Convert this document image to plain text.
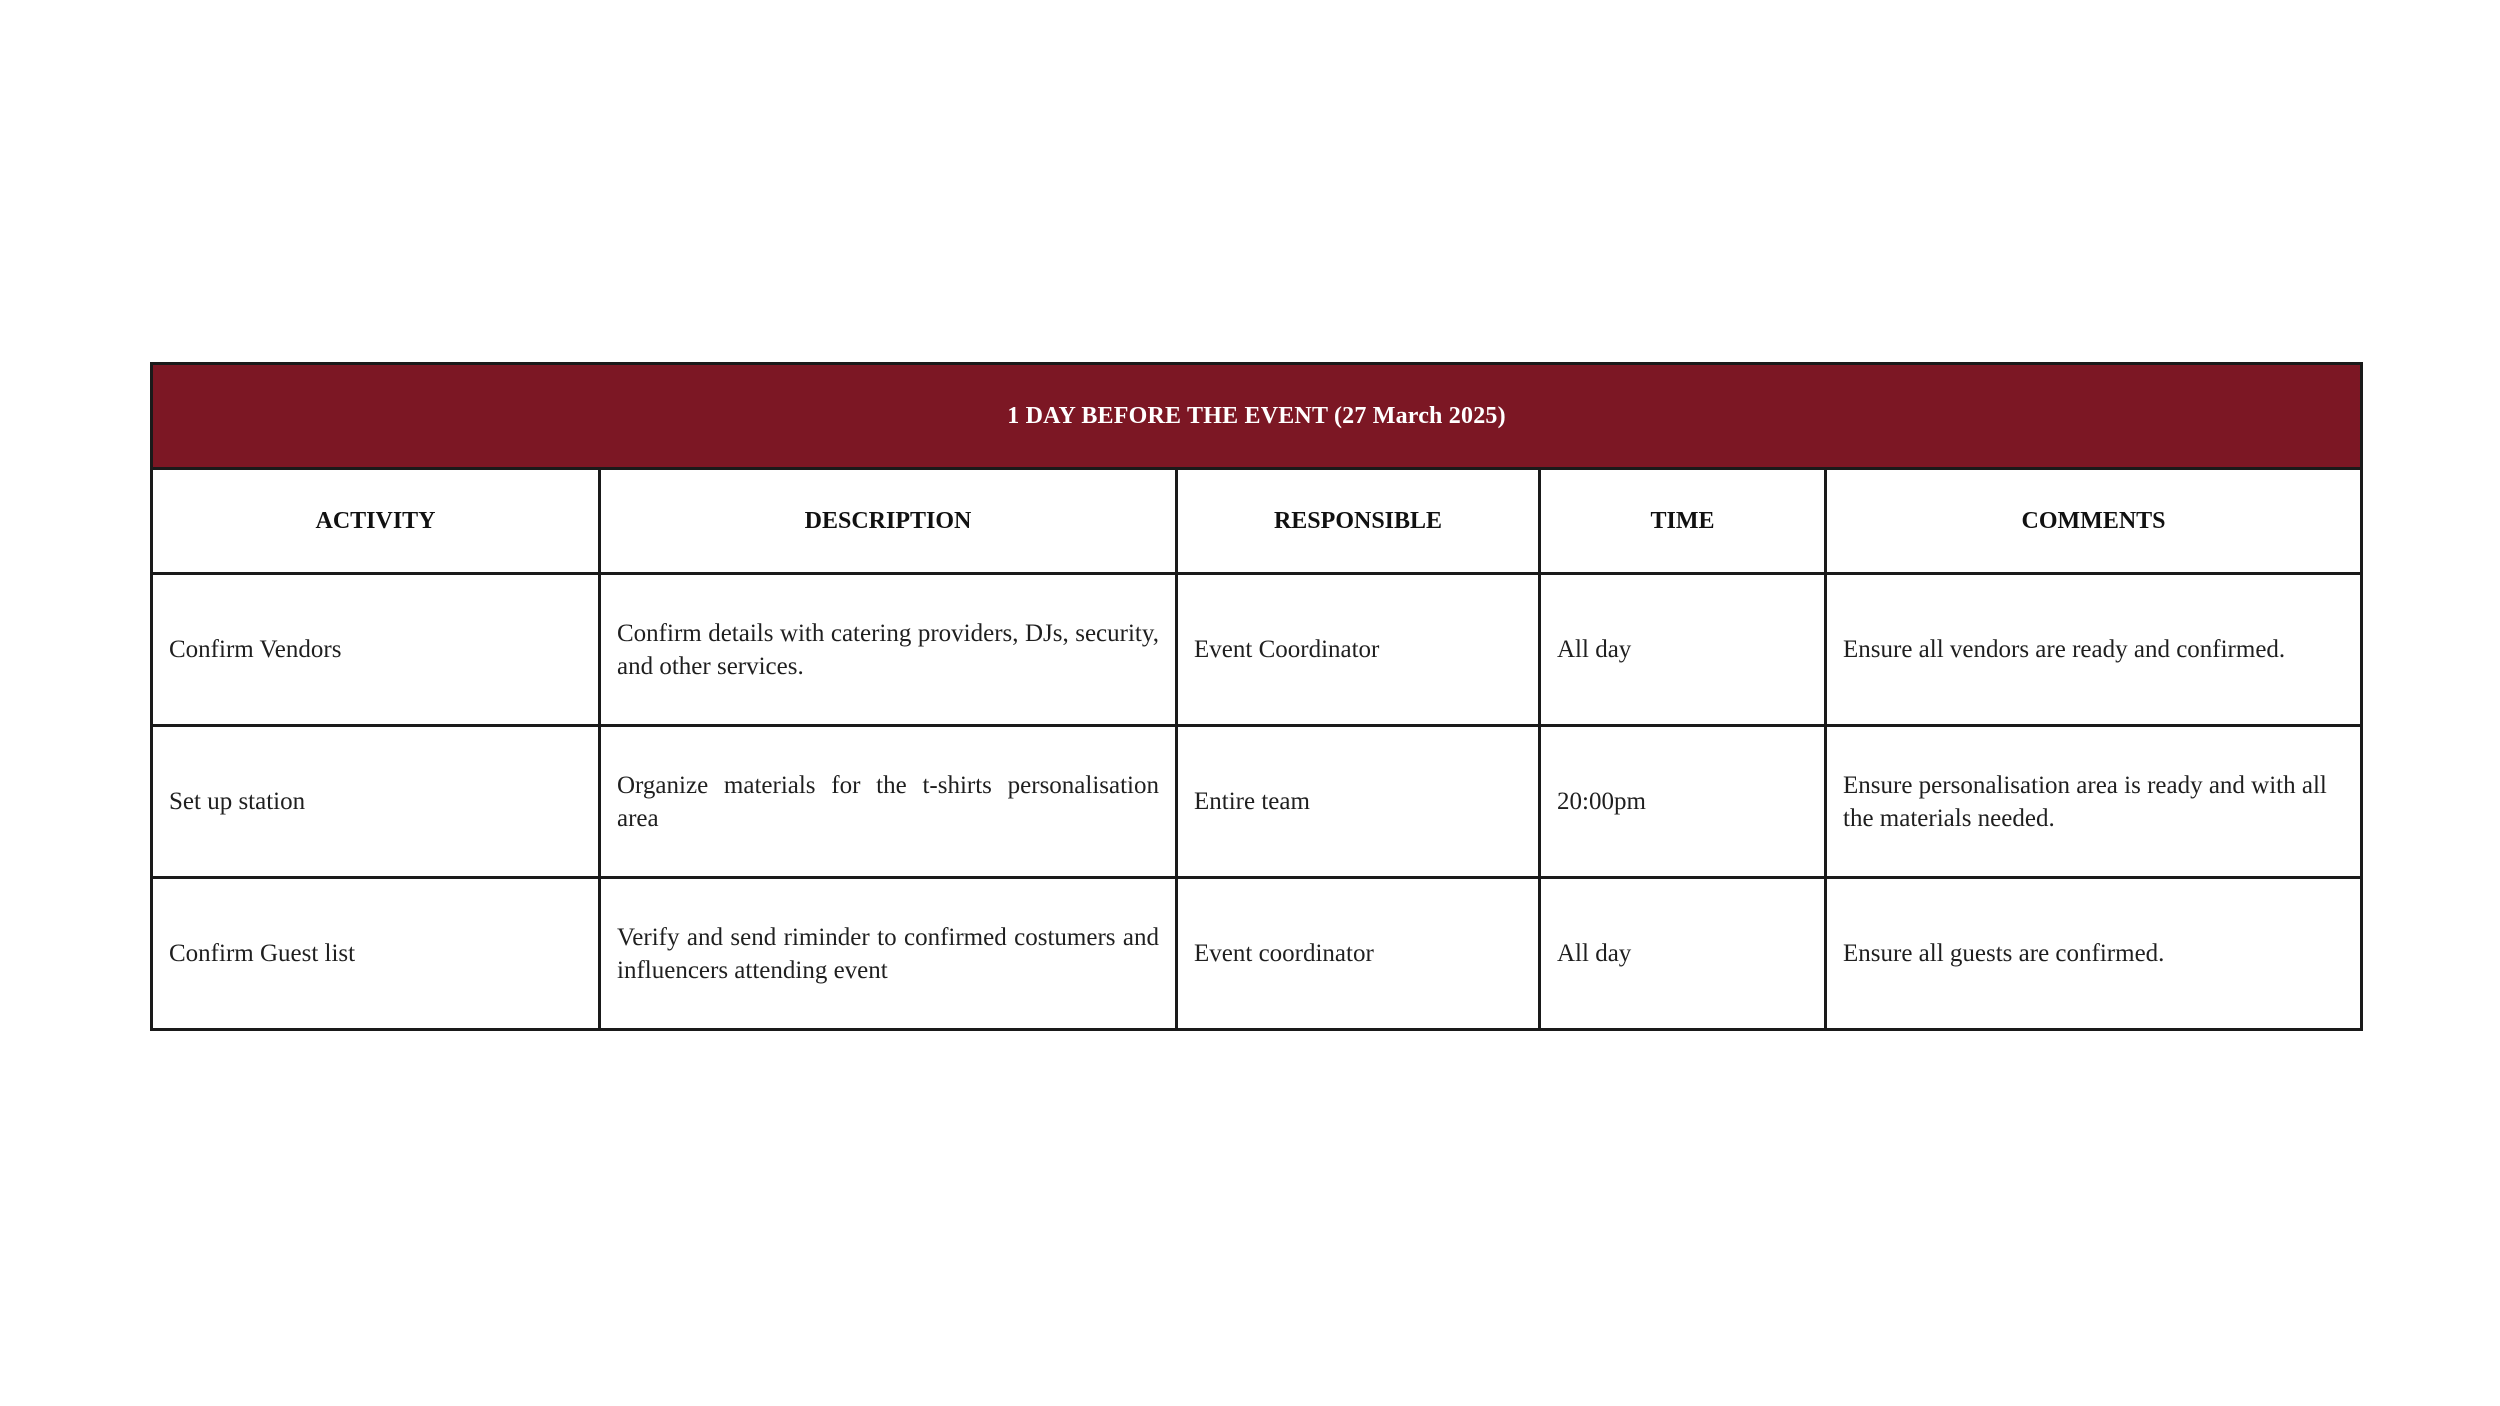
1 DAY BEFORE THE EVENT (27 March 2025)				
ACTIVITY	DESCRIPTION	RESPONSIBLE	TIME	COMMENTS
Confirm Vendors	Confirm details with catering providers, DJs, security, and other services.	Event Coordinator	All day	Ensure all vendors are ready and confirmed.
Set up station	Organize materials for the t-shirts personalisation area	Entire team	20:00pm	Ensure personalisation area is ready and with all the materials needed.
Confirm Guest list	Verify and send riminder to confirmed costumers and influencers attending event	Event coordinator	All day	Ensure all guests are confirmed.
